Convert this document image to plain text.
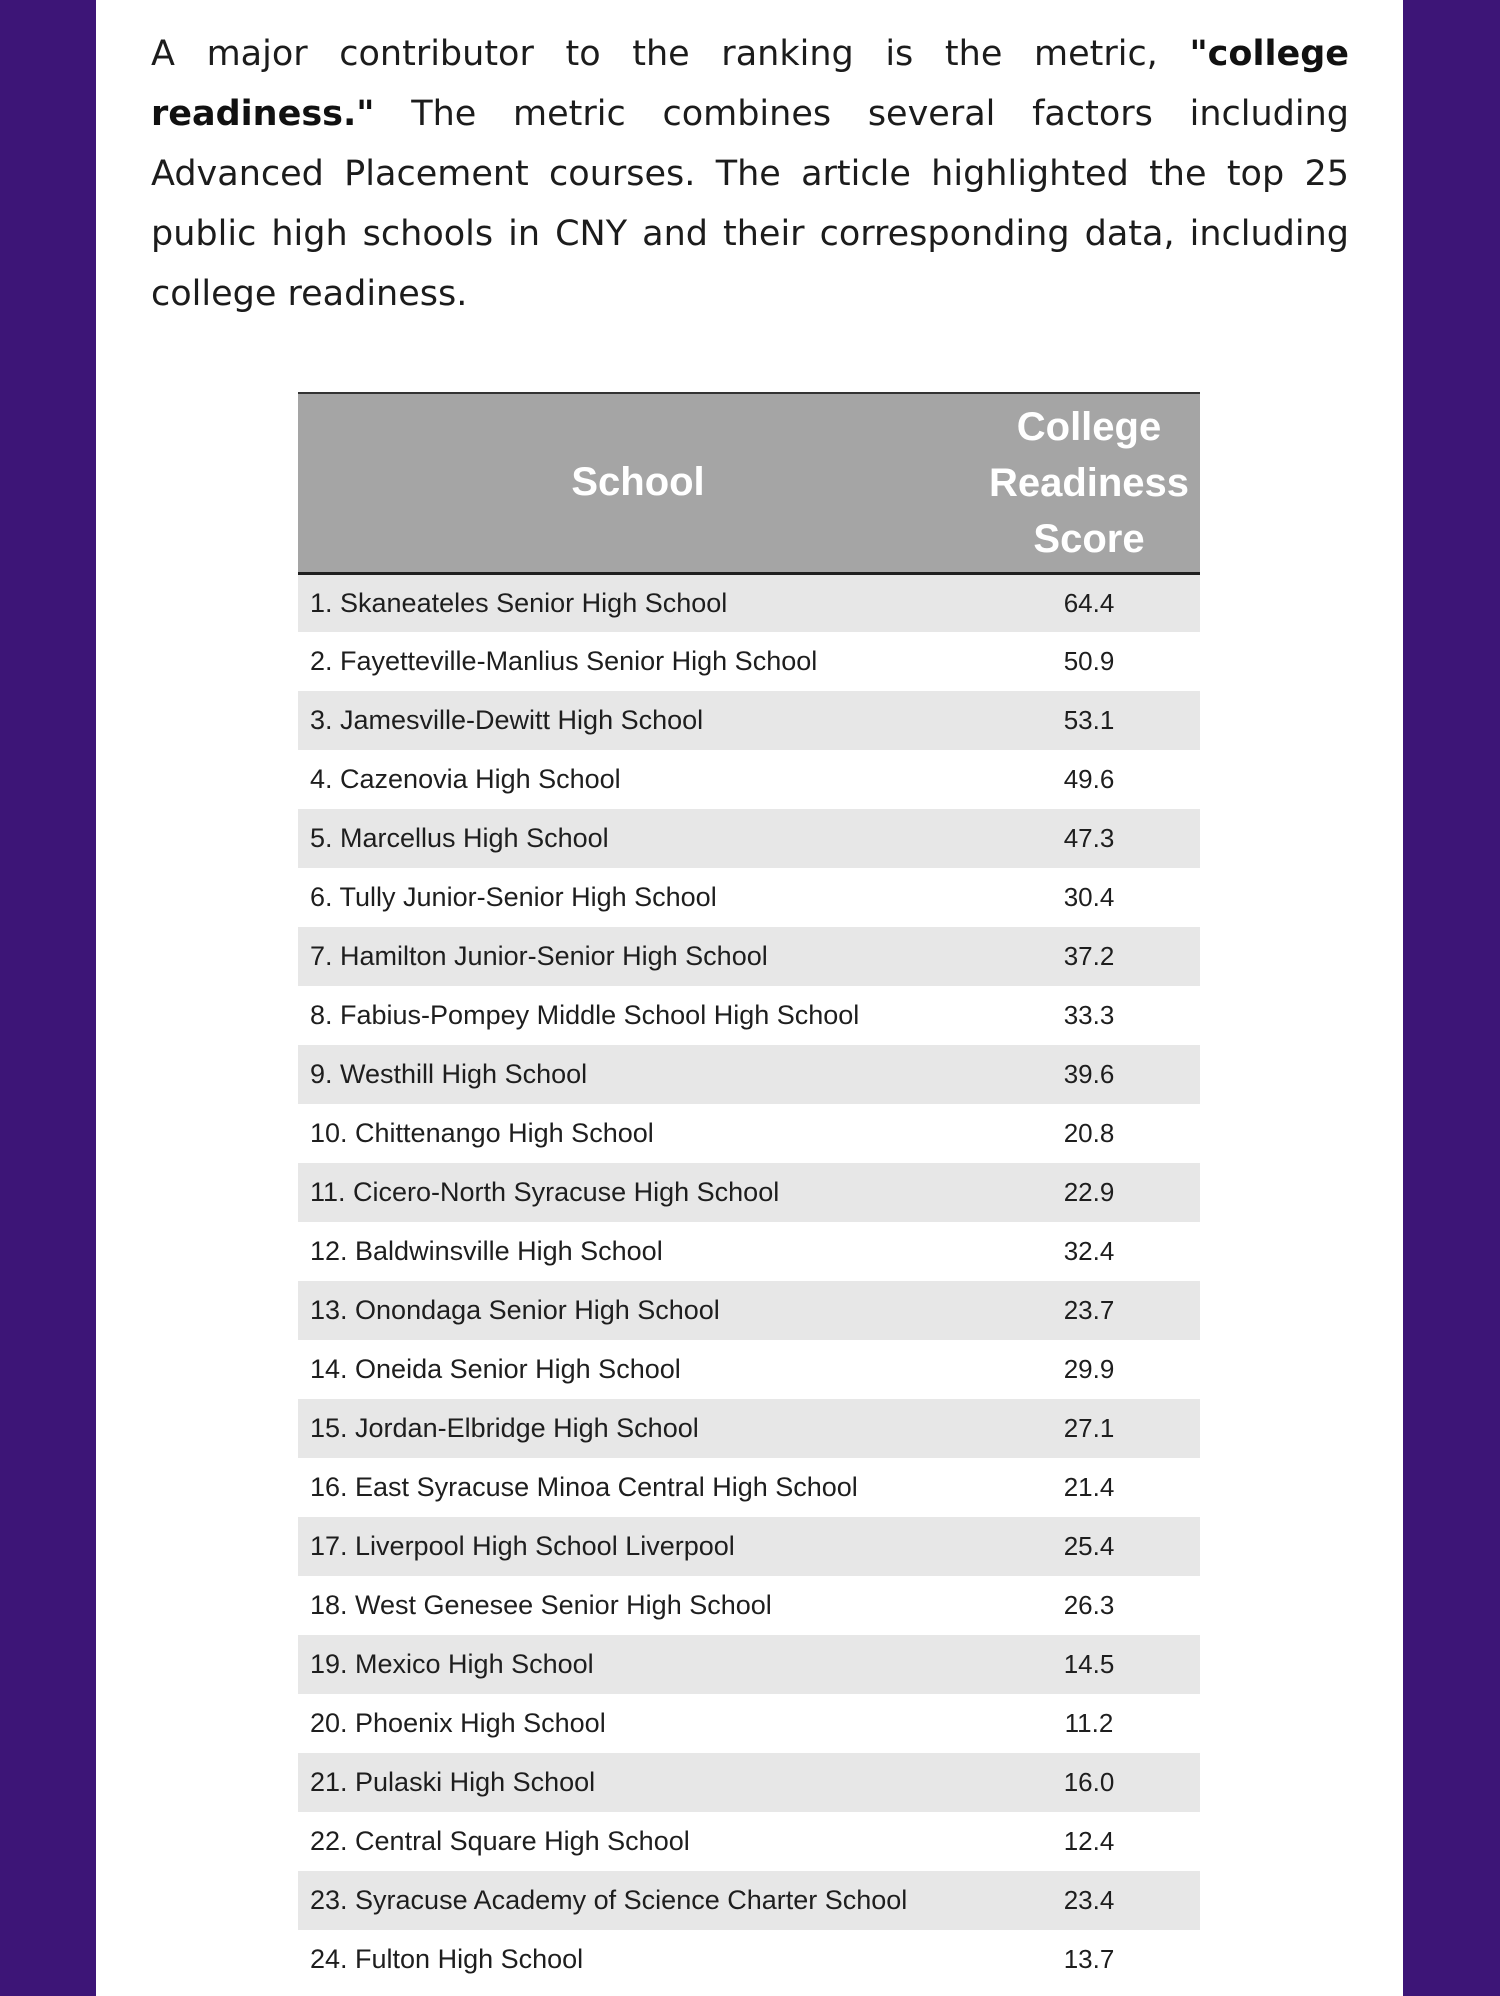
A major contributor to the ranking is the metric, "college readiness." The metric combines several factors including Advanced Placement courses. The article highlighted the top 25 public high schools in CNY and their corresponding data, including college readiness.

School	College
Readiness
Score
1. Skaneateles Senior High School	64.4
2. Fayetteville-Manlius Senior High School	50.9
3. Jamesville-Dewitt High School	53.1
4. Cazenovia High School	49.6
5. Marcellus High School	47.3
6. Tully Junior-Senior High School	30.4
7. Hamilton Junior-Senior High School	37.2
8. Fabius-Pompey Middle School High School	33.3
9. Westhill High School	39.6
10. Chittenango High School	20.8
11. Cicero-North Syracuse High School	22.9
12. Baldwinsville High School	32.4
13. Onondaga Senior High School	23.7
14. Oneida Senior High School	29.9
15. Jordan-Elbridge High School	27.1
16. East Syracuse Minoa Central High School	21.4
17. Liverpool High School Liverpool	25.4
18. West Genesee Senior High School	26.3
19. Mexico High School	14.5
20. Phoenix High School	11.2
21. Pulaski High School	16.0
22. Central Square High School	12.4
23. Syracuse Academy of Science Charter School	23.4
24. Fulton High School	13.7
